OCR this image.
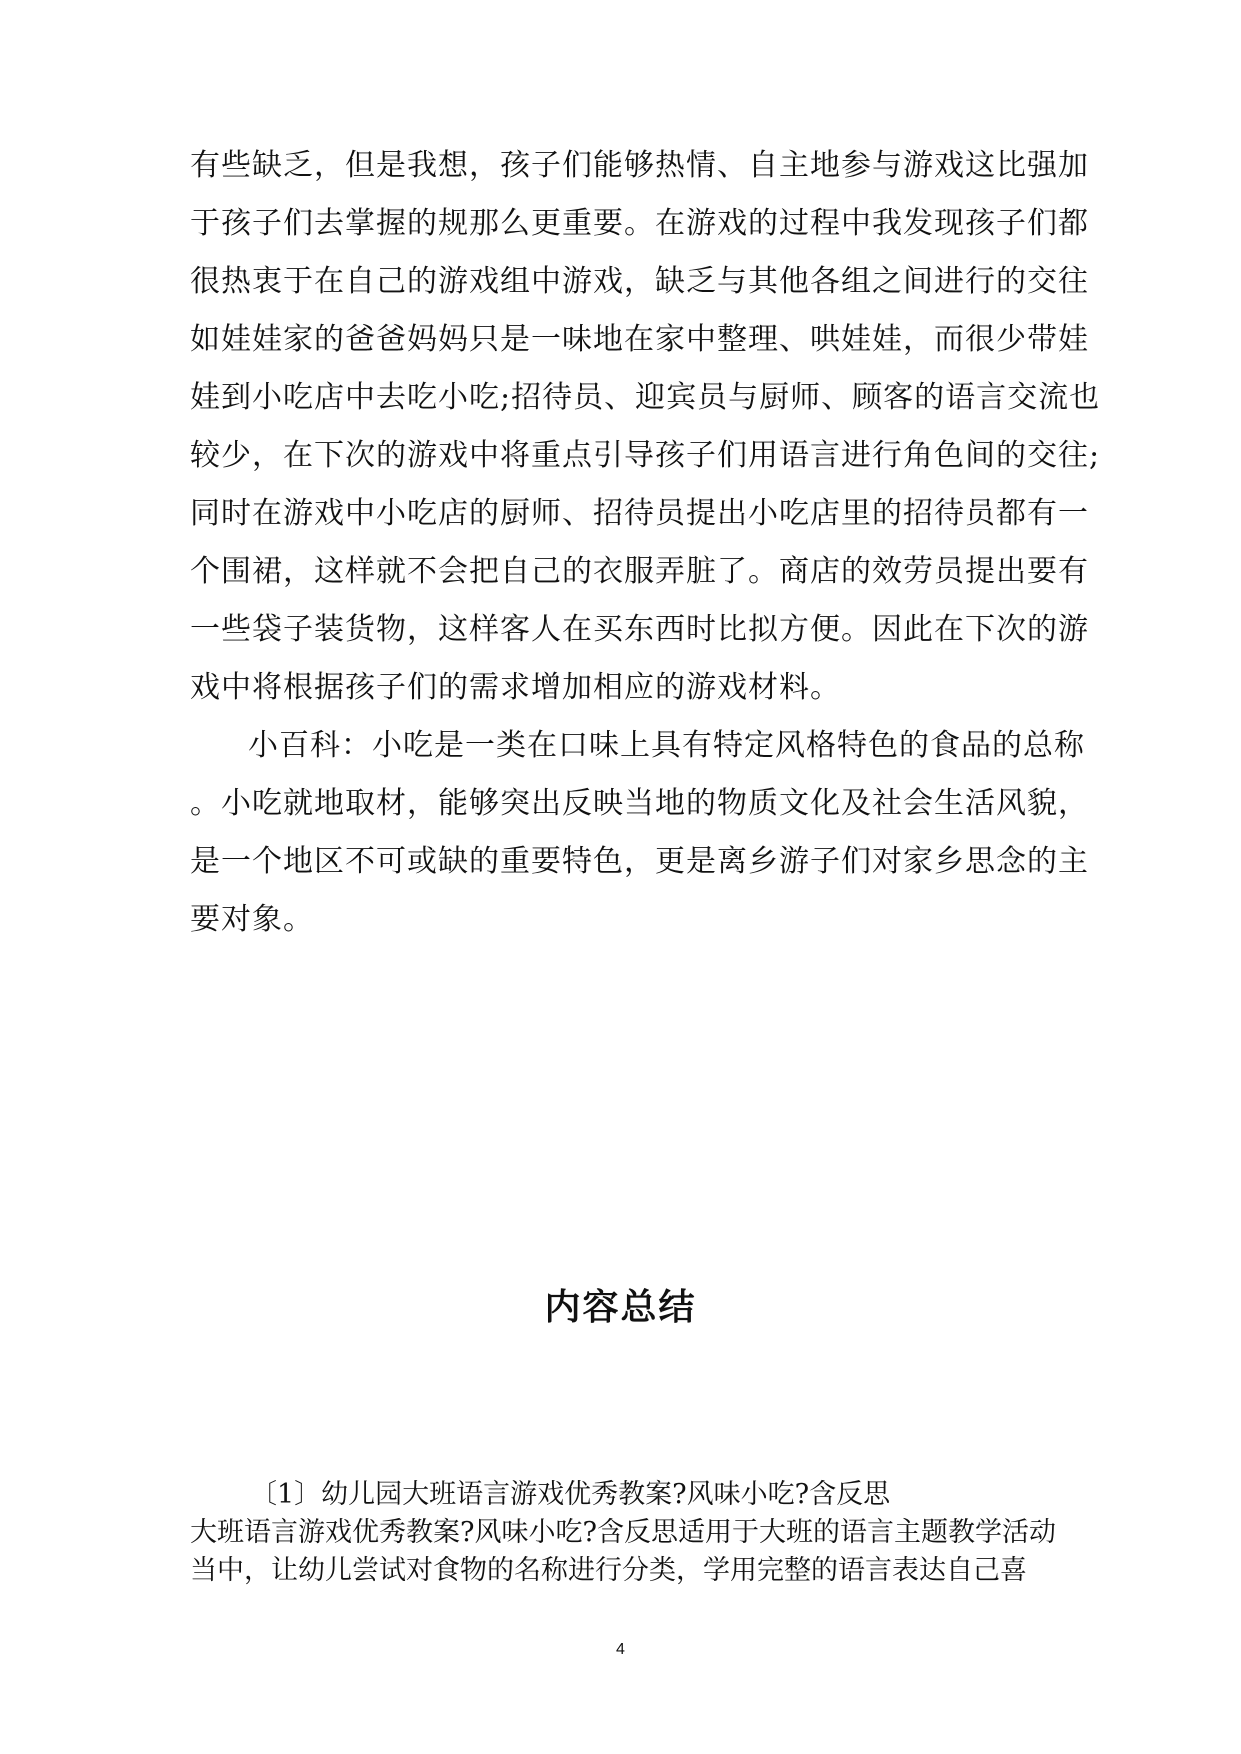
有些缺乏，但是我想，孩子们能够热情、自主地参与游戏这比强加
于孩子们去掌握的规那么更重要。在游戏的过程中我发现孩子们都
很热衷于在自己的游戏组中游戏，缺乏与其他各组之间进行的交往
如娃娃家的爸爸妈妈只是一味地在家中整理、哄娃娃，而很少带娃
娃到小吃店中去吃小吃;招待员、迎宾员与厨师、顾客的语言交流也
较少，在下次的游戏中将重点引导孩子们用语言进行角色间的交往;
同时在游戏中小吃店的厨师、招待员提出小吃店里的招待员都有一
个围裙，这样就不会把自己的衣服弄脏了。商店的效劳员提出要有
一些袋子装货物，这样客人在买东西时比拟方便。因此在下次的游
戏中将根据孩子们的需求增加相应的游戏材料。
小百科：小吃是一类在口味上具有特定风格特色的食品的总称
。小吃就地取材，能够突出反映当地的物质文化及社会生活风貌，
是一个地区不可或缺的重要特色，更是离乡游子们对家乡思念的主
要对象。
内容总结
〔1〕幼儿园大班语言游戏优秀教案?风味小吃?含反思
大班语言游戏优秀教案?风味小吃?含反思适用于大班的语言主题教学活动
当中，让幼儿尝试对食物的名称进行分类，学用完整的语言表达自己喜
4
